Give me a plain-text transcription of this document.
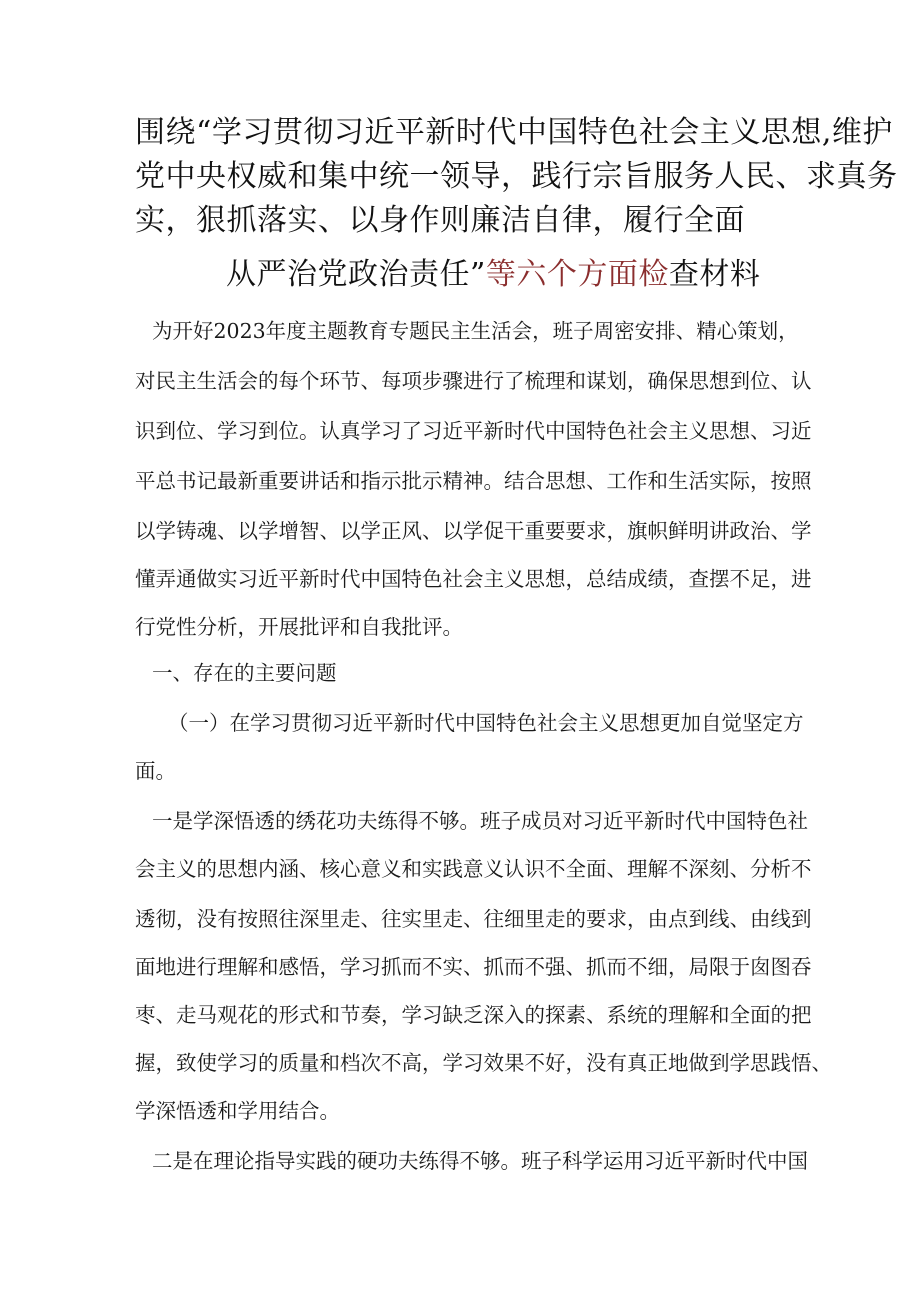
围绕“学习贯彻习近平新时代中国特色社会主义思想,维护
党中央权威和集中统一领导，践行宗旨服务人民、求真务
实，狠抓落实、以身作则廉洁自律，履行全面
从严治党政治责任”等六个方面检查材料
为开好2023年度主题教育专题民主生活会，班子周密安排、精心策划，
对民主生活会的每个环节、每项步骤进行了梳理和谋划，确保思想到位、认
识到位、学习到位。认真学习了习近平新时代中国特色社会主义思想、习近
平总书记最新重要讲话和指示批示精神。结合思想、工作和生活实际，按照
以学铸魂、以学增智、以学正风、以学促干重要要求，旗帜鲜明讲政治、学
懂弄通做实习近平新时代中国特色社会主义思想，总结成绩，查摆不足，进
行党性分析，开展批评和自我批评。
一、存在的主要问题
（一）在学习贯彻习近平新时代中国特色社会主义思想更加自觉坚定方
面。
一是学深悟透的绣花功夫练得不够。班子成员对习近平新时代中国特色社
会主义的思想内涵、核心意义和实践意义认识不全面、理解不深刻、分析不
透彻，没有按照往深里走、往实里走、往细里走的要求，由点到线、由线到
面地进行理解和感悟，学习抓而不实、抓而不强、抓而不细，局限于囱图吞
枣、走马观花的形式和节奏，学习缺乏深入的探素、系统的理解和全面的把
握，致使学习的质量和档次不高，学习效果不好，没有真正地做到学思践悟、
学深悟透和学用结合。
二是在理论指导实践的硬功夫练得不够。班子科学运用习近平新时代中国
